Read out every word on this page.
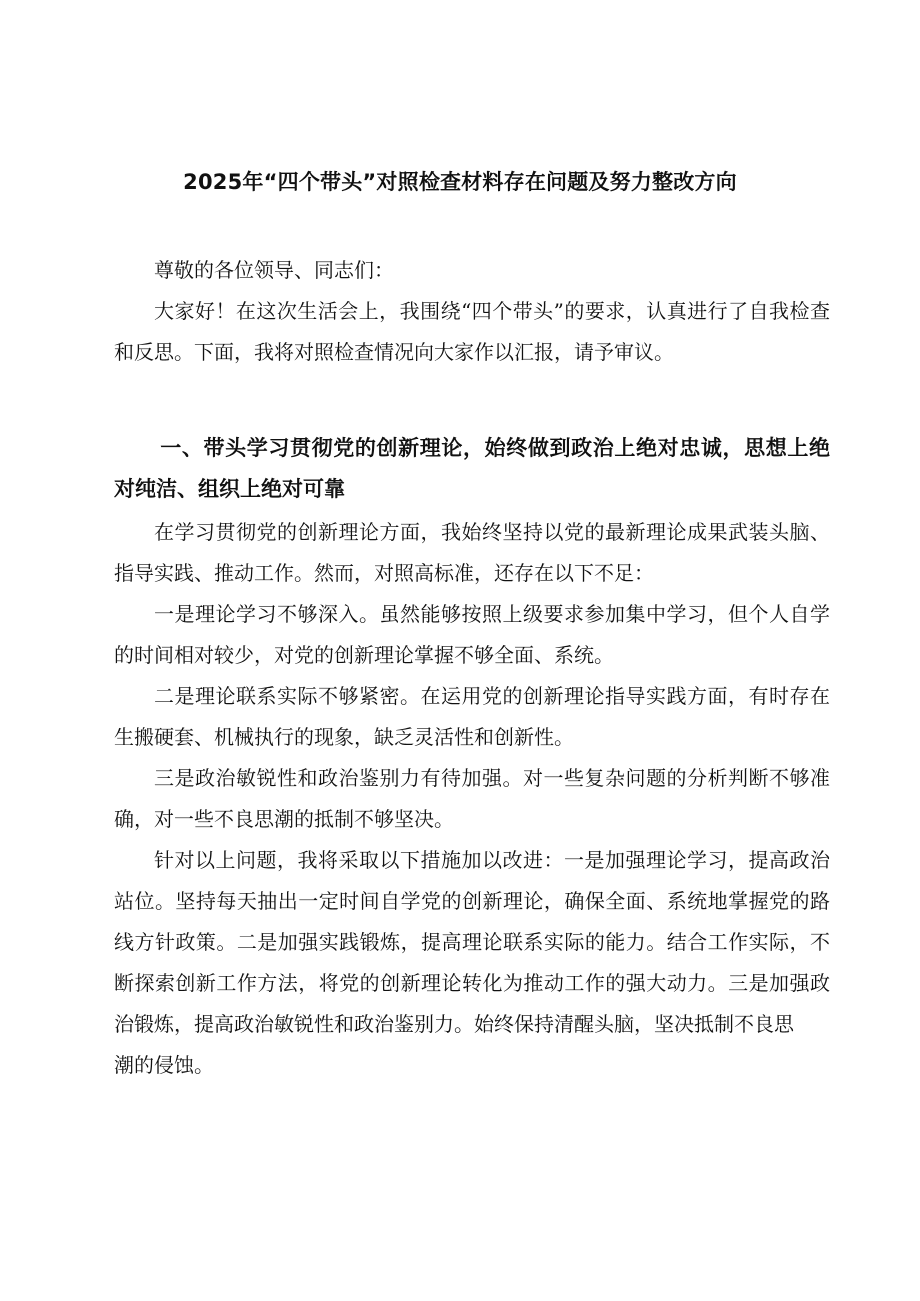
2025年“四个带头”对照检查材料存在问题及努力整改方向

尊敬的各位领导、同志们：

大家好！在这次生活会上，我围绕“四个带头”的要求，认真进行了自我检查和反思。下面，我将对照检查情况向大家作以汇报，请予审议。

一、带头学习贯彻党的创新理论，始终做到政治上绝对忠诚，思想上绝对纯洁、组织上绝对可靠

在学习贯彻党的创新理论方面，我始终坚持以党的最新理论成果武装头脑、指导实践、推动工作。然而，对照高标准，还存在以下不足：

一是理论学习不够深入。虽然能够按照上级要求参加集中学习，但个人自学的时间相对较少，对党的创新理论掌握不够全面、系统。

二是理论联系实际不够紧密。在运用党的创新理论指导实践方面，有时存在生搬硬套、机械执行的现象，缺乏灵活性和创新性。

三是政治敏锐性和政治鉴别力有待加强。对一些复杂问题的分析判断不够准确，对一些不良思潮的抵制不够坚决。

针对以上问题，我将采取以下措施加以改进：一是加强理论学习，提高政治站位。坚持每天抽出一定时间自学党的创新理论，确保全面、系统地掌握党的路线方针政策。二是加强实践锻炼，提高理论联系实际的能力。结合工作实际，不断探索创新工作方法，将党的创新理论转化为推动工作的强大动力。三是加强政治锻炼，提高政治敏锐性和政治鉴别力。始终保持清醒头脑，坚决抵制不良思

潮的侵蚀。
